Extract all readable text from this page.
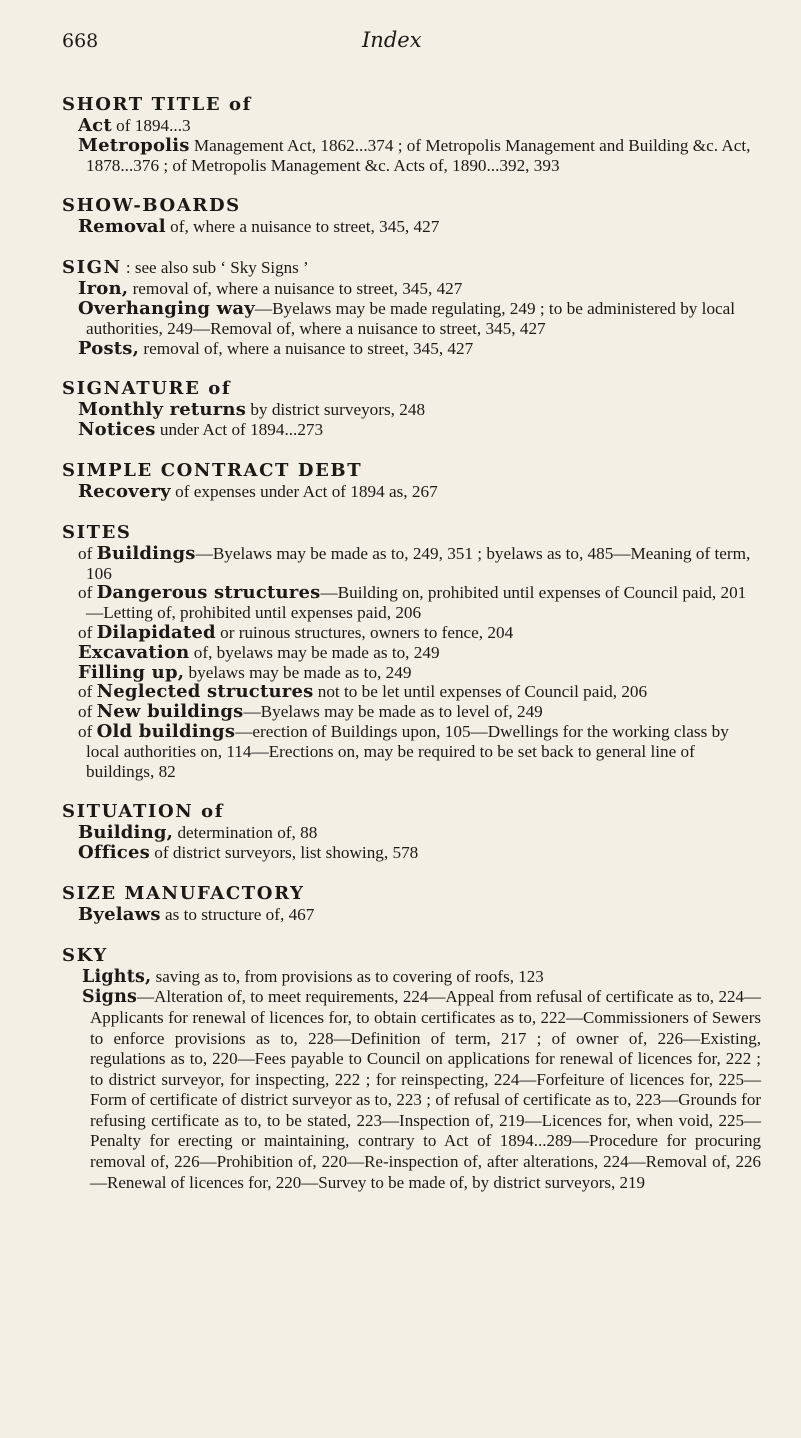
668	Index
SHORT TITLE of
Act of 1894...3
Metropolis Management Act, 1862...374 ; of Metropolis Management and Building &c. Act, 1878...376 ; of Metropolis Management &c. Acts of, 1890...392, 393
SHOW-BOARDS
Removal of, where a nuisance to street, 345, 427
SIGN : see also sub ‘ Sky Signs ’
Iron, removal of, where a nuisance to street, 345, 427
Overhanging way—Byelaws may be made regulating, 249 ; to be administered by local authorities, 249—Removal of, where a nuisance to street, 345, 427
Posts, removal of, where a nuisance to street, 345, 427
SIGNATURE of
Monthly returns by district surveyors, 248
Notices under Act of 1894...273
SIMPLE CONTRACT DEBT
Recovery of expenses under Act of 1894 as, 267
SITES
of Buildings—Byelaws may be made as to, 249, 351 ; byelaws as to, 485—Meaning of term, 106
of Dangerous structures—Building on, prohibited until expenses of Council paid, 201—Letting of, prohibited until expenses paid, 206
of Dilapidated or ruinous structures, owners to fence, 204
Excavation of, byelaws may be made as to, 249
Filling up, byelaws may be made as to, 249
of Neglected structures not to be let until expenses of Council paid, 206
of New buildings—Byelaws may be made as to level of, 249
of Old buildings—erection of Buildings upon, 105—Dwellings for the working class by local authorities on, 114—Erections on, may be required to be set back to general line of buildings, 82
SITUATION of
Building, determination of, 88
Offices of district surveyors, list showing, 578
SIZE MANUFACTORY
Byelaws as to structure of, 467
SKY

Lights, saving as to, from provisions as to covering of roofs, 123

Signs—Alteration of, to meet requirements, 224—Appeal from refusal of certificate as to, 224—Applicants for renewal of licences for, to obtain certificates as to, 222—Commissioners of Sewers to enforce provisions as to, 228—Definition of term, 217 ; of owner of, 226—Existing, regulations as to, 220—Fees payable to Council on applications for renewal of licences for, 222 ; to district surveyor, for inspecting, 222 ; for reinspecting, 224—Forfeiture of licences for, 225—Form of certificate of district surveyor as to, 223 ; of refusal of certificate as to, 223—Grounds for refusing certificate as to, to be stated, 223—Inspection of, 219—Licences for, when void, 225—Penalty for erecting or maintaining, contrary to Act of 1894...289—Procedure for procuring removal of, 226—Prohibition of, 220—Re-inspection of, after alterations, 224—Removal of, 226—Renewal of licences for, 220—Survey to be made of, by district surveyors, 219
